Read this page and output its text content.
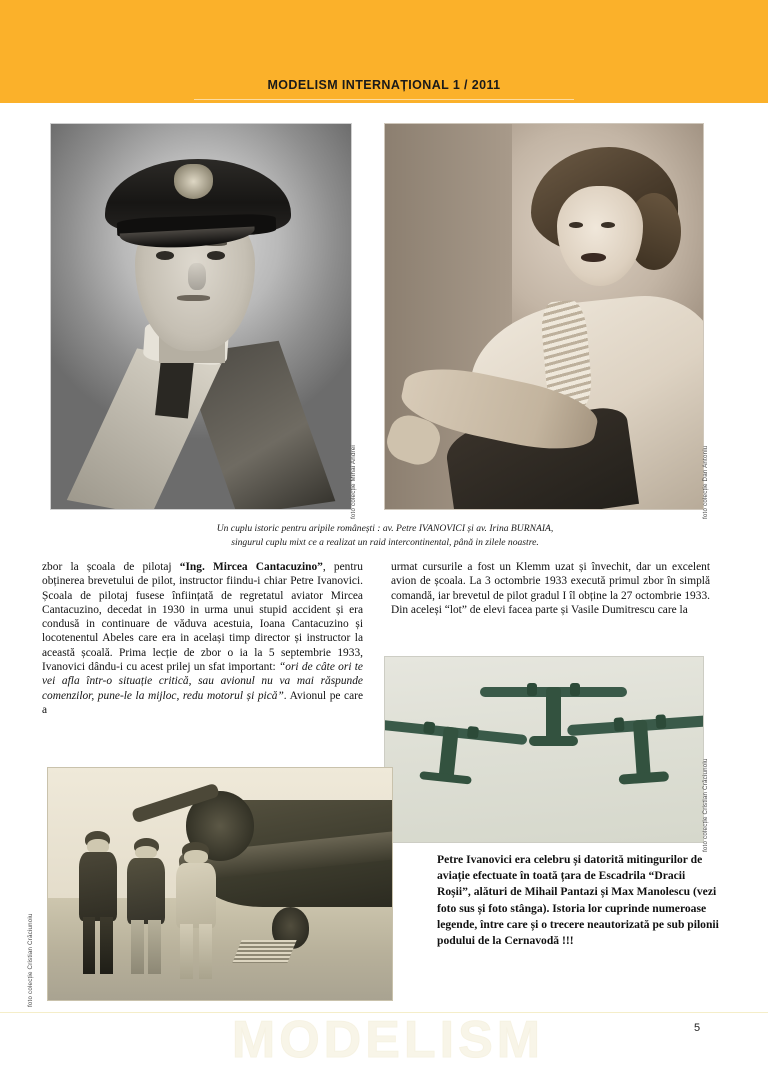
MODELISM INTERNAȚIONAL 1 / 2011
foto colecție Mihai Andrei	foto colecție Dan Antoniu
Un cuplu istoric pentru aripile românești : av. Petre IVANOVICI și av. Irina BURNAIA,
singurul cuplu mixt ce a realizat un raid intercontinental, până in zilele noastre.
zbor la școala de pilotaj “Ing. Mircea Cantacuzino”, pentru obținerea brevetului de pilot, instructor fiindu-i chiar Petre Ivanovici. Școala de pilotaj fusese înființată de regretatul aviator Mircea Cantacuzino, decedat in 1930 in urma unui stupid accident și era condusă in continuare de văduva acestuia, Ioana Cantacuzino și locotenentul Abeles care era in același timp director și instructor la această școală. Prima lecție de zbor o ia la 5 septembrie 1933, Ivanovici dându-i cu acest prilej un sfat important: “ori de câte ori te vei afla într-o situație critică, sau avionul nu va mai răspunde comenzilor, pune-le la mijloc, redu motorul și pică”. Avionul pe care a
urmat cursurile a fost un Klemm uzat și învechit, dar un excelent avion de școala. La 3 octombrie 1933 execută primul zbor în simplă comandă, iar brevetul de pilot gradul I îl obține la 27 octombrie 1933. Din aceleși “lot” de elevi facea parte și Vasile Dumitrescu care la
foto colecție Cristian Crăciunoiu
foto colecție Cristian Crăciunoiu
Petre Ivanovici era celebru și datorită mitingurilor de aviație efectuate în toată țara de Escadrila “Dracii Roșii”, alături de Mihail Pantazi și Max Manolescu (vezi foto sus și foto stânga). Istoria lor cuprinde numeroase legende, între care și o trecere neautorizată pe sub pilonii podului de la Cernavodă !!!
MODELISM	5
